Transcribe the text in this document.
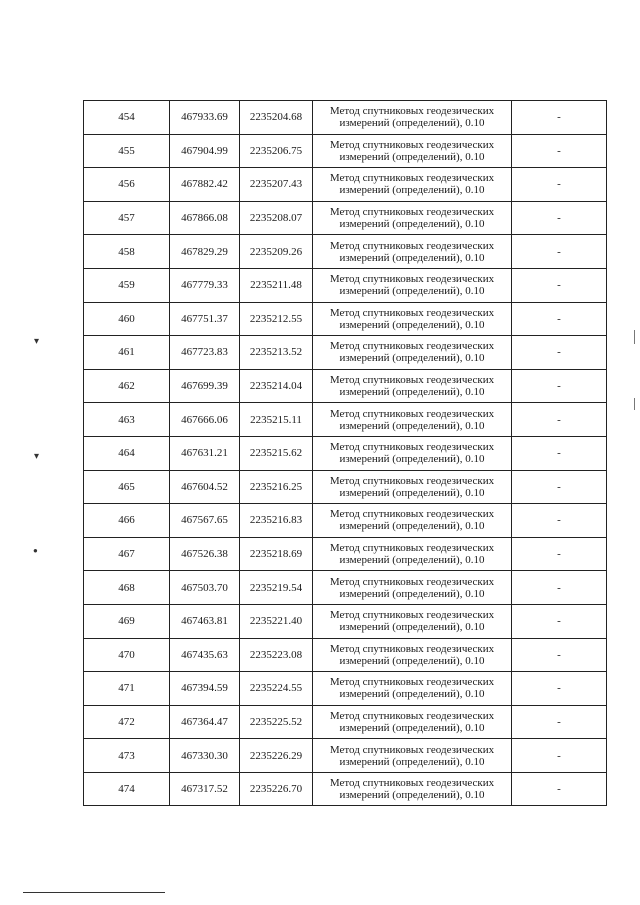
454	467933.69	2235204.68	Метод спутниковых геодезических
измерений (определений), 0.10	-
455	467904.99	2235206.75	Метод спутниковых геодезических
измерений (определений), 0.10	-
456	467882.42	2235207.43	Метод спутниковых геодезических
измерений (определений), 0.10	-
457	467866.08	2235208.07	Метод спутниковых геодезических
измерений (определений), 0.10	-
458	467829.29	2235209.26	Метод спутниковых геодезических
измерений (определений), 0.10	-
459	467779.33	2235211.48	Метод спутниковых геодезических
измерений (определений), 0.10	-
460	467751.37	2235212.55	Метод спутниковых геодезических
измерений (определений), 0.10	-
461	467723.83	2235213.52	Метод спутниковых геодезических
измерений (определений), 0.10	-
462	467699.39	2235214.04	Метод спутниковых геодезических
измерений (определений), 0.10	-
463	467666.06	2235215.11	Метод спутниковых геодезических
измерений (определений), 0.10	-
464	467631.21	2235215.62	Метод спутниковых геодезических
измерений (определений), 0.10	-
465	467604.52	2235216.25	Метод спутниковых геодезических
измерений (определений), 0.10	-
466	467567.65	2235216.83	Метод спутниковых геодезических
измерений (определений), 0.10	-
467	467526.38	2235218.69	Метод спутниковых геодезических
измерений (определений), 0.10	-
468	467503.70	2235219.54	Метод спутниковых геодезических
измерений (определений), 0.10	-
469	467463.81	2235221.40	Метод спутниковых геодезических
измерений (определений), 0.10	-
470	467435.63	2235223.08	Метод спутниковых геодезических
измерений (определений), 0.10	-
471	467394.59	2235224.55	Метод спутниковых геодезических
измерений (определений), 0.10	-
472	467364.47	2235225.52	Метод спутниковых геодезических
измерений (определений), 0.10	-
473	467330.30	2235226.29	Метод спутниковых геодезических
измерений (определений), 0.10	-
474	467317.52	2235226.70	Метод спутниковых геодезических
измерений (определений), 0.10	-
▾
▾
●
